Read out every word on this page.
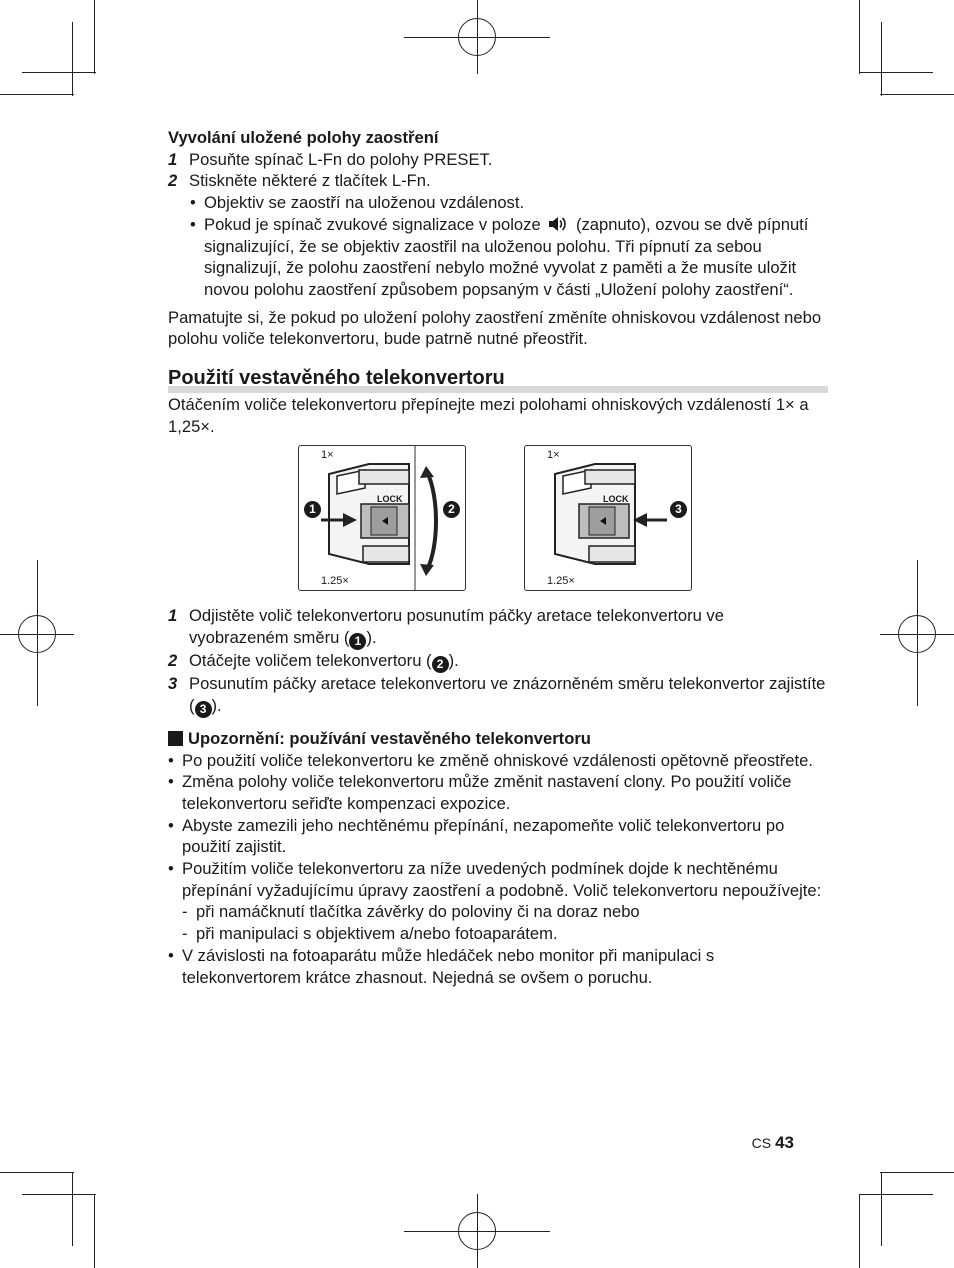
Vyvolání uložené polohy zaostření
1 Posuňte spínač L-Fn do polohy PRESET.
2 Stiskněte některé z tlačítek L-Fn.
• Objektiv se zaostří na uloženou vzdálenost.
• Pokud je spínač zvukové signalizace v poloze (zapnuto), ozvou se dvě pípnutí signalizující, že se objektiv zaostřil na uloženou polohu. Tři pípnutí za sebou signalizují, že polohu zaostření nebylo možné vyvolat z paměti a že musíte uložit novou polohu zaostření způsobem popsaným v části „Uložení polohy zaostření“.
Pamatujte si, že pokud po uložení polohy zaostření změníte ohniskovou vzdálenost nebo polohu voliče telekonvertoru, bude patrně nutné přeostřit.
Použití vestavěného telekonvertoru
Otáčením voliče telekonvertoru přepínejte mezi polohami ohniskových vzdáleností 1× a 1,25×.
1×
1.25×
LOCK
1	2
1×
1.25×
LOCK
3
1 Odjistěte volič telekonvertoru posunutím páčky aretace telekonvertoru ve vyobrazeném směru ( 1 ).
2 Otáčejte voličem telekonvertoru ( 2 ).
3 Posunutím páčky aretace telekonvertoru ve znázorněném směru telekonvertor zajistíte ( 3 ).
Upozornění: používání vestavěného telekonvertoru
• Po použití voliče telekonvertoru ke změně ohniskové vzdálenosti opětovně přeostřete.
• Změna polohy voliče telekonvertoru může změnit nastavení clony. Po použití voliče telekonvertoru seřiďte kompenzaci expozice.
• Abyste zamezili jeho nechtěnému přepínání, nezapomeňte volič telekonvertoru po použití zajistit.
• Použitím voliče telekonvertoru za níže uvedených podmínek dojde k nechtěnému přepínání vyžadujícímu úpravy zaostření a podobně. Volič telekonvertoru nepoužívejte:
- při namáčknutí tlačítka závěrky do poloviny či na doraz nebo
- při manipulaci s objektivem a/nebo fotoaparátem.
• V závislosti na fotoaparátu může hledáček nebo monitor při manipulaci s telekonvertorem krátce zhasnout. Nejedná se ovšem o poruchu.
CS 43
